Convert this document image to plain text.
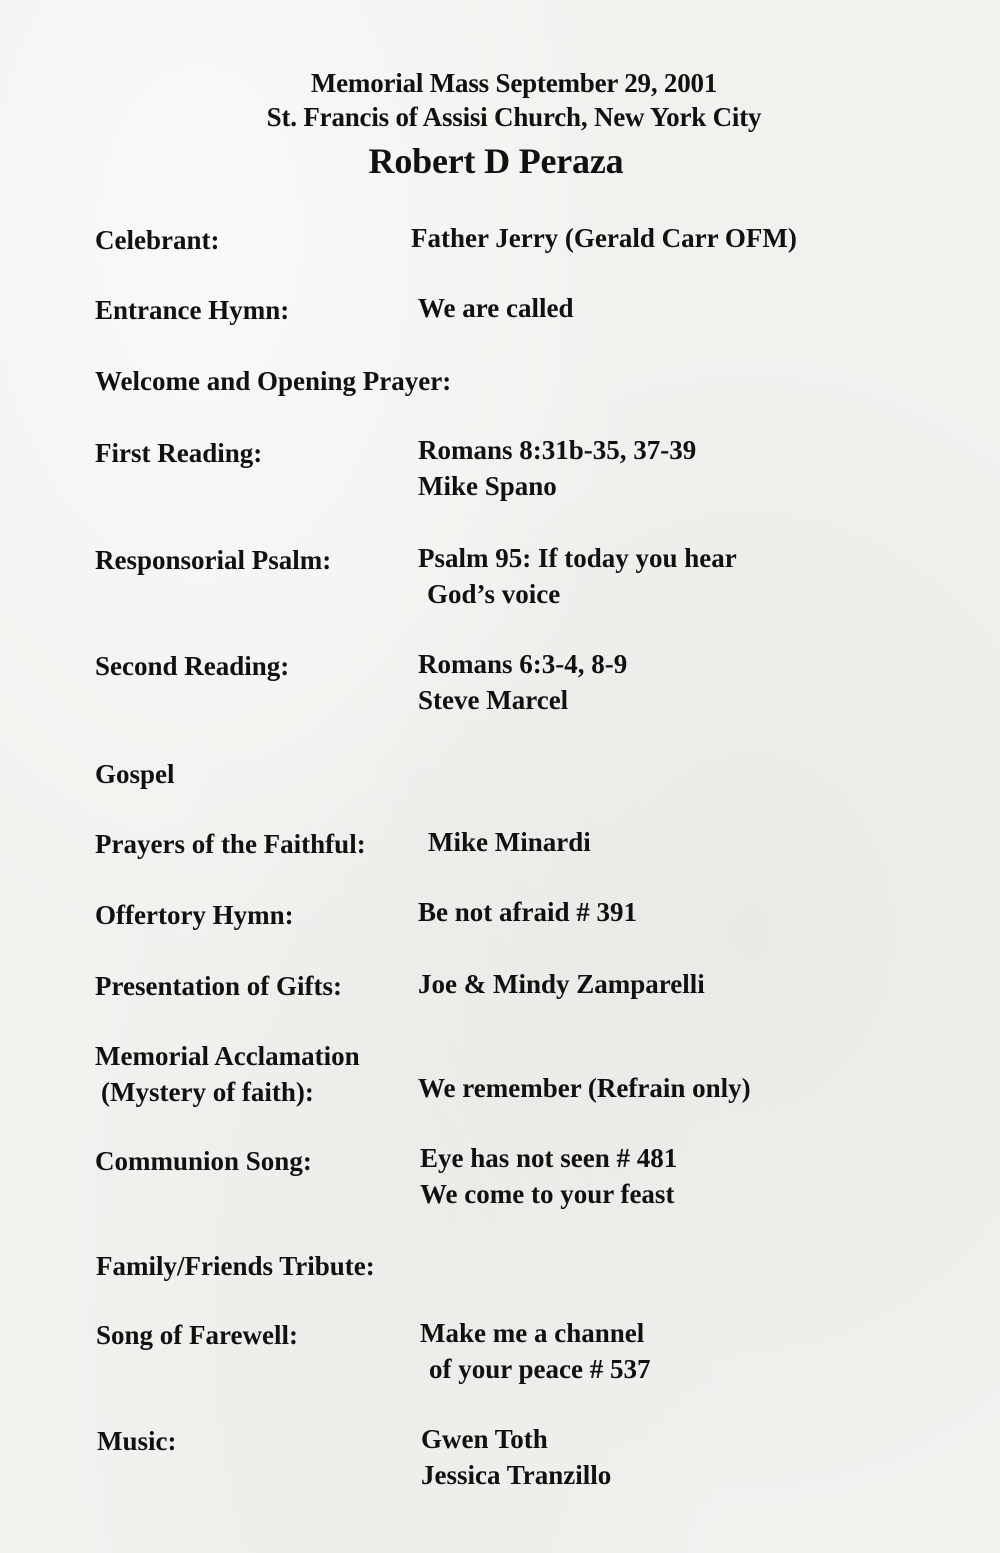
Memorial Mass September 29, 2001
St. Francis of Assisi Church, New York City
Robert D Peraza
Celebrant:	Father Jerry (Gerald Carr OFM)
Entrance Hymn:	We are called
Welcome and Opening Prayer:
First Reading:	Romans 8:31b-35, 37-39
Mike Spano
Responsorial Psalm:	Psalm 95: If today you hear
God’s voice
Second Reading:	Romans 6:3-4, 8-9
Steve Marcel
Gospel
Prayers of the Faithful: Mike Minardi
Offertory Hymn:	Be not afraid # 391
Presentation of Gifts:	Joe & Mindy Zamparelli
Memorial Acclamation
(Mystery of faith):	We remember (Refrain only)
Communion Song:	Eye has not seen # 481
We come to your feast
Family/Friends Tribute:
Song of Farewell:	Make me a channel
of your peace # 537
Music:	Gwen Toth
Jessica Tranzillo
